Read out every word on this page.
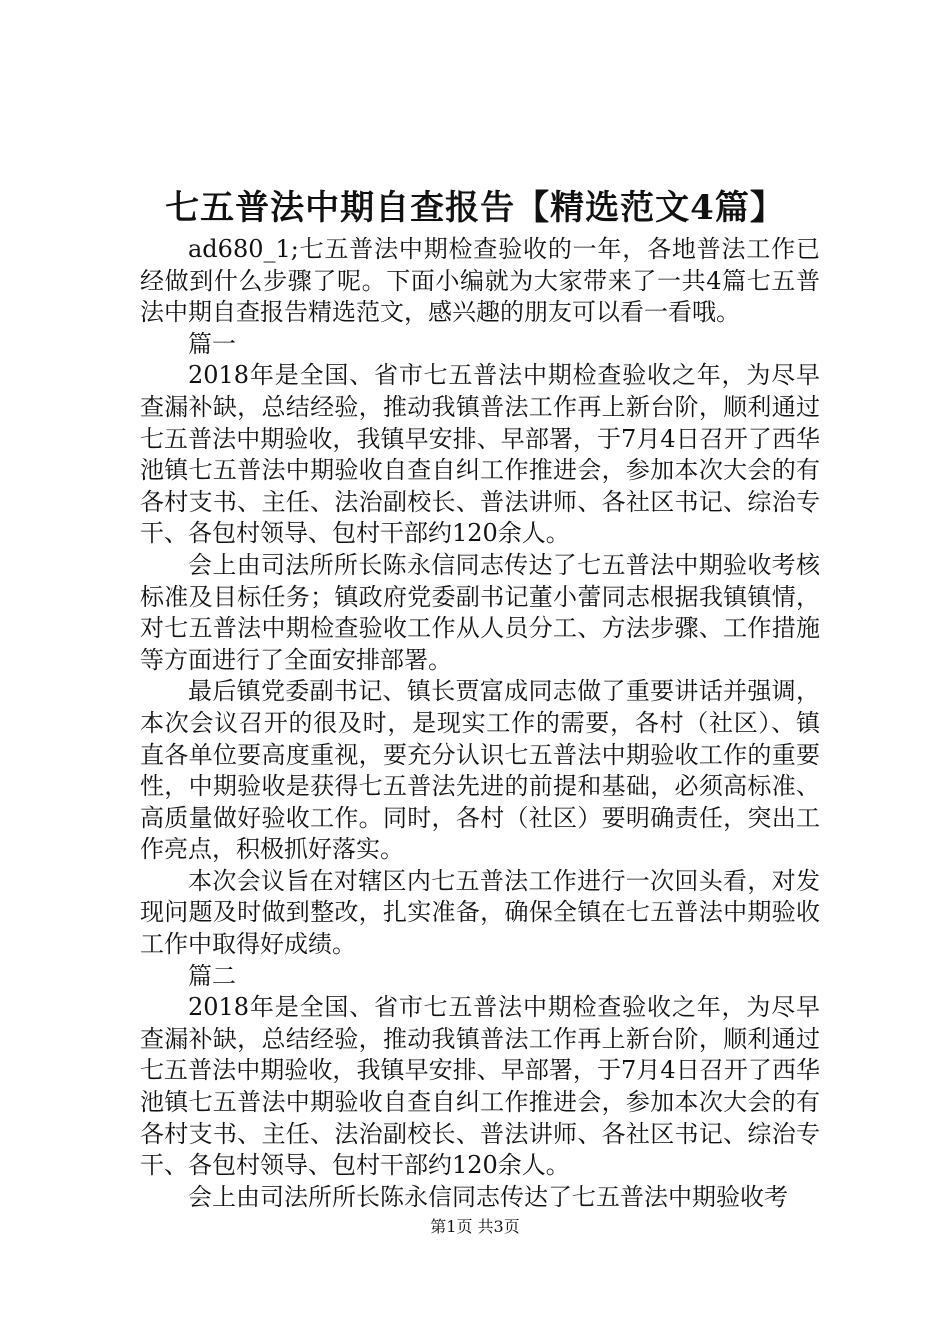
七五普法中期自查报告【精选范文4篇】

ad680_1;七五普法中期检查验收的一年，各地普法工作已经做到什么步骤了呢。下面小编就为大家带来了一共4篇七五普法中期自查报告精选范文，感兴趣的朋友可以看一看哦。

篇一

2018年是全国、省市七五普法中期检查验收之年，为尽早查漏补缺，总结经验，推动我镇普法工作再上新台阶，顺利通过七五普法中期验收，我镇早安排、早部署，于7月4日召开了西华池镇七五普法中期验收自查自纠工作推进会，参加本次大会的有各村支书、主任、法治副校长、普法讲师、各社区书记、综治专干、各包村领导、包村干部约120余人。

会上由司法所所长陈永信同志传达了七五普法中期验收考核标准及目标任务；镇政府党委副书记董小蕾同志根据我镇镇情，对七五普法中期检查验收工作从人员分工、方法步骤、工作措施等方面进行了全面安排部署。

最后镇党委副书记、镇长贾富成同志做了重要讲话并强调，本次会议召开的很及时，是现实工作的需要，各村（社区）、镇直各单位要高度重视，要充分认识七五普法中期验收工作的重要性，中期验收是获得七五普法先进的前提和基础，必须高标准、高质量做好验收工作。同时，各村（社区）要明确责任，突出工作亮点，积极抓好落实。

本次会议旨在对辖区内七五普法工作进行一次回头看，对发现问题及时做到整改，扎实准备，确保全镇在七五普法中期验收工作中取得好成绩。

篇二

2018年是全国、省市七五普法中期检查验收之年，为尽早查漏补缺，总结经验，推动我镇普法工作再上新台阶，顺利通过七五普法中期验收，我镇早安排、早部署，于7月4日召开了西华池镇七五普法中期验收自查自纠工作推进会，参加本次大会的有各村支书、主任、法治副校长、普法讲师、各社区书记、综治专干、各包村领导、包村干部约120余人。

会上由司法所所长陈永信同志传达了七五普法中期验收考

第1页 共3页
